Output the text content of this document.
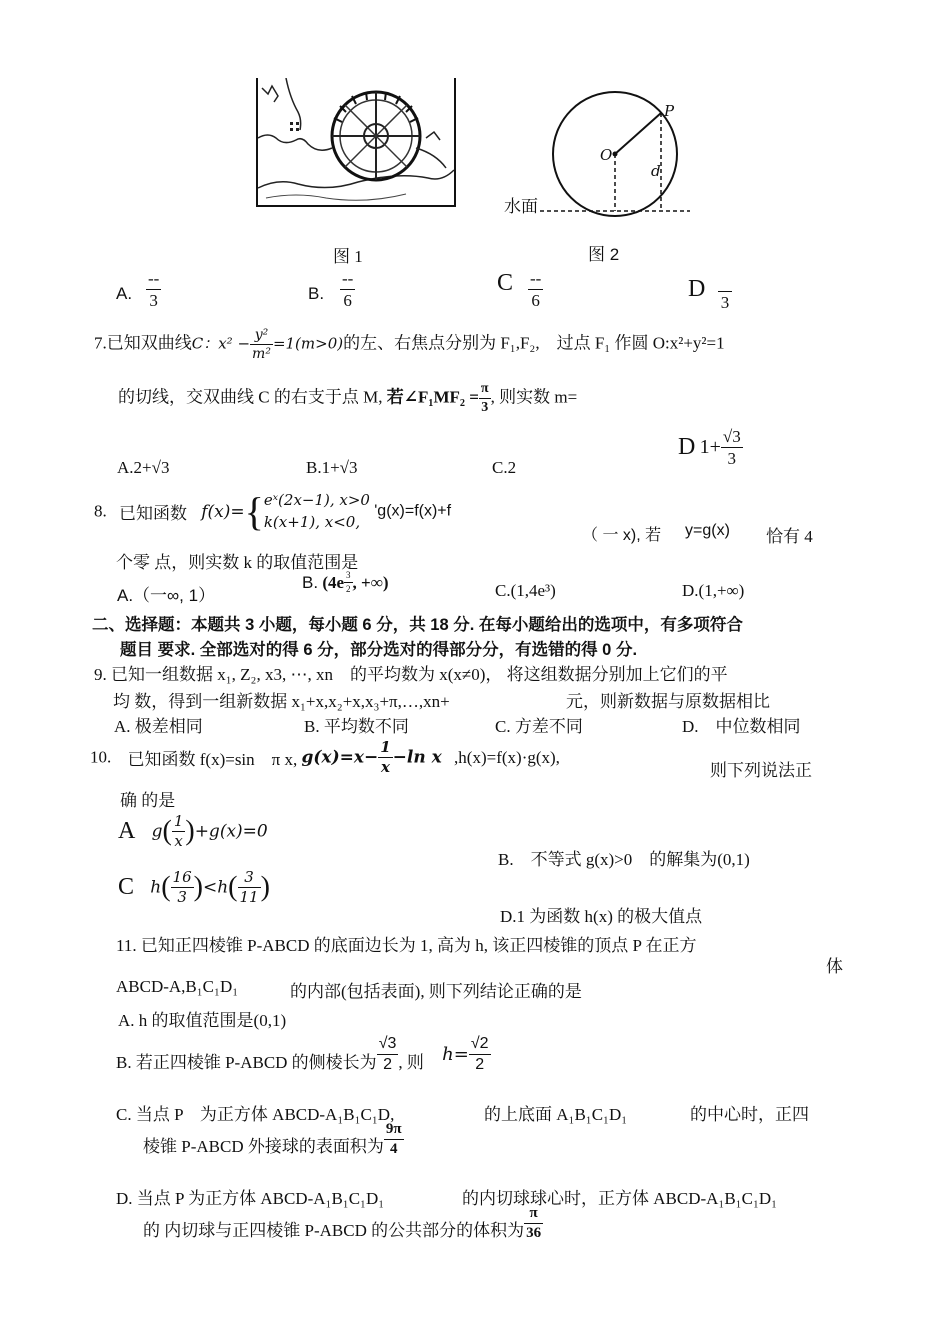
图 1
O
P
d
水面
图 2
A. $\frac{--}{3}$	B. $\frac{--}{6}$	C $\frac{--}{6}$	D

3
7.已知双曲线C：$x^2 - \frac{\text{y²}}{\text{m²}} =1(m>0)$的左、右焦点分别为 F₁,F₂,　过点 F₁ 作圆 O:x²+y²=1
的切线，交双曲线 C 的右支于点 M, 若∠F₁MF₂ = $\frac{\pi}{3}$ , 则实数 m=
A.2+√3	B.1+√3	C.2
D $1+ \frac{√3}{3}$
8. 已知函数 f(x)={ eˣ(2x−1), x>0
k(x+1), x<0,
'g(x)=f(x)+f
（ 一 x), 若 y=g(x) 恰有 4
个零 点，则实数 k 的取值范围是
A.（一∞, 1）
B. ($4e \frac{3}{2}$ , +∞)	C.(1,4e³)	D.(1,+∞)
二、选择题：本题共 3 小题，每小题 6 分，共 18 分. 在每小题给出的选项中，有多项符合
题目 要求. 全部选对的得 6 分，部分选对的得部分分，有选错的得 0 分.
9. 已知一组数据 x₁, Z₂, x3, ⋯, xn　的平均数为 x(x≠0)， 将这组数据分别加上它们的平
均 数，得到一组新数据 x₁+x,x₂+x,x₃+π,…,xn+	元，则新数据与原数据相比
A. 极差相同	B. 平均数不同	C. 方差不同	D.　中位数相同
10. 已知函数 f(x)=sin　π x, $g(x)=x- \frac{1}{x} -\ln$ x ,h(x)=f(x)·g(x),
则下列说法正
确 的是
A $g( \frac{1}{x} )+g(x)=0$
B.　不等式 g(x)>0　的解集为(0,1)
C $h( \frac{16}{3} )<h( \frac{3}{11}$ )
D.1 为函数 h(x) 的极大值点
11. 已知正四棱锥 P-ABCD 的底面边长为 1, 高为 h, 该正四棱锥的顶点 P 在正方
体
ABCD-A,B₁C₁D₁	的内部(包括表面), 则下列结论正确的是
A. h 的取值范围是(0,1)
B. 若正四棱锥 P-ABCD 的侧棱长为 $\frac{√3}{2}$ , 则 $h= \frac{√2}{2}$
C. 当点 P　为正方体 ABCD-A₁B₁C₁D,	的上底面 A₁B₁C₁D₁	的中心时，正四
棱锥 P-ABCD 外接球的表面积为 $\frac{9\pi}{4}$
D. 当点 P 为正方体 ABCD-A₁B₁C₁D₁	的内切球球心时，正方体 ABCD-A₁B₁C₁D₁
的 内切球与正四棱锥 P-ABCD 的公共部分的体积为 $\frac{\pi}{36}$
